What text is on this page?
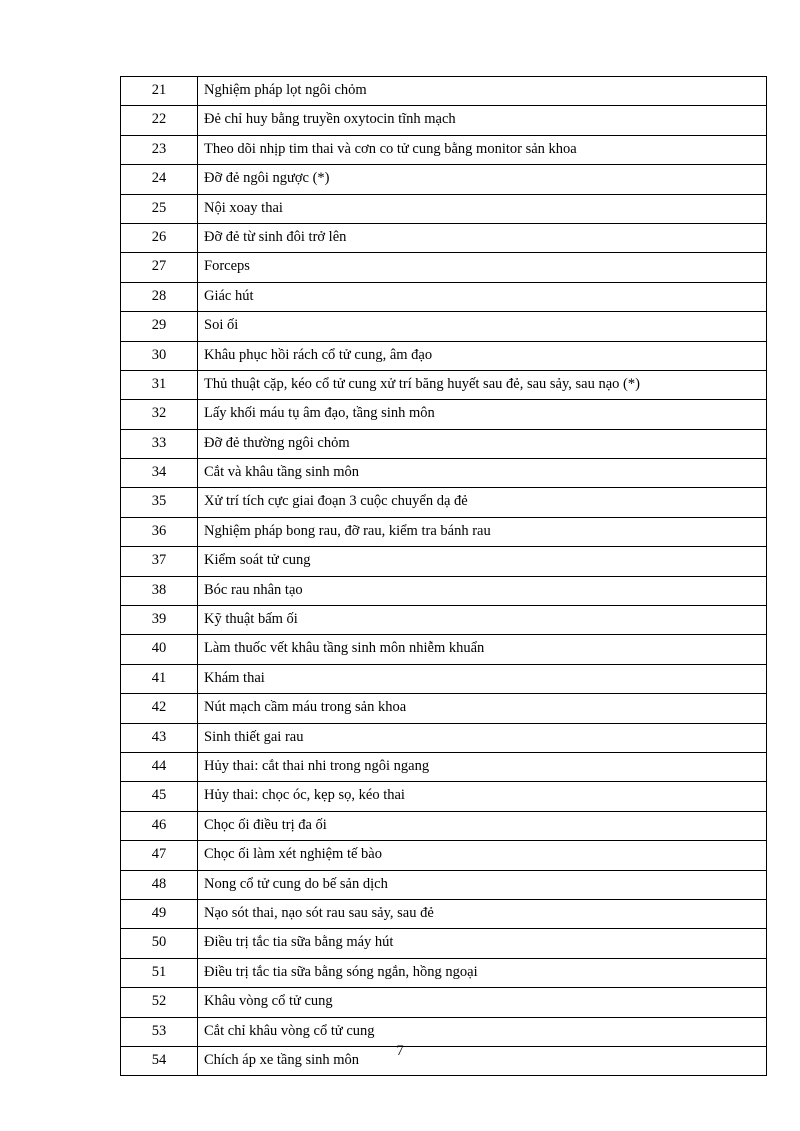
21	Nghiệm pháp lọt ngôi chỏm
22	Đẻ chỉ huy bằng truyền oxytocin tĩnh mạch
23	Theo dõi nhịp tim thai và cơn co tử cung bằng monitor sản khoa
24	Đỡ đẻ ngôi ngược (*)
25	Nội xoay thai
26	Đỡ đẻ từ sinh đôi trở lên
27	Forceps
28	Giác hút
29	Soi ối
30	Khâu phục hồi rách cổ tử cung, âm đạo
31	Thủ thuật cặp, kéo cổ tử cung xử trí băng huyết sau đẻ, sau sảy, sau nạo (*)
32	Lấy khối máu tụ âm đạo, tầng sinh môn
33	Đỡ đẻ thường ngôi chỏm
34	Cắt và khâu tầng sinh môn
35	Xử trí tích cực giai đoạn 3 cuộc chuyển dạ đẻ
36	Nghiệm pháp bong rau, đỡ rau, kiểm tra bánh rau
37	Kiểm soát tử cung
38	Bóc rau nhân tạo
39	Kỹ thuật bấm ối
40	Làm thuốc vết khâu tầng sinh môn nhiễm khuẩn
41	Khám thai
42	Nút mạch cầm máu trong sản khoa
43	Sinh thiết gai rau
44	Hủy thai: cắt thai nhi trong ngôi ngang
45	Hủy thai: chọc óc, kẹp sọ, kéo thai
46	Chọc ối điều trị đa ối
47	Chọc ối làm xét nghiệm tế bào
48	Nong cổ tử cung do bế sản dịch
49	Nạo sót thai, nạo sót rau sau sảy, sau đẻ
50	Điều trị tắc tia sữa bằng máy hút
51	Điều trị tắc tia sữa bằng sóng ngắn, hồng ngoại
52	Khâu vòng cổ tử cung
53	Cắt chỉ khâu vòng cổ tử cung
54	Chích áp xe tầng sinh môn
7
